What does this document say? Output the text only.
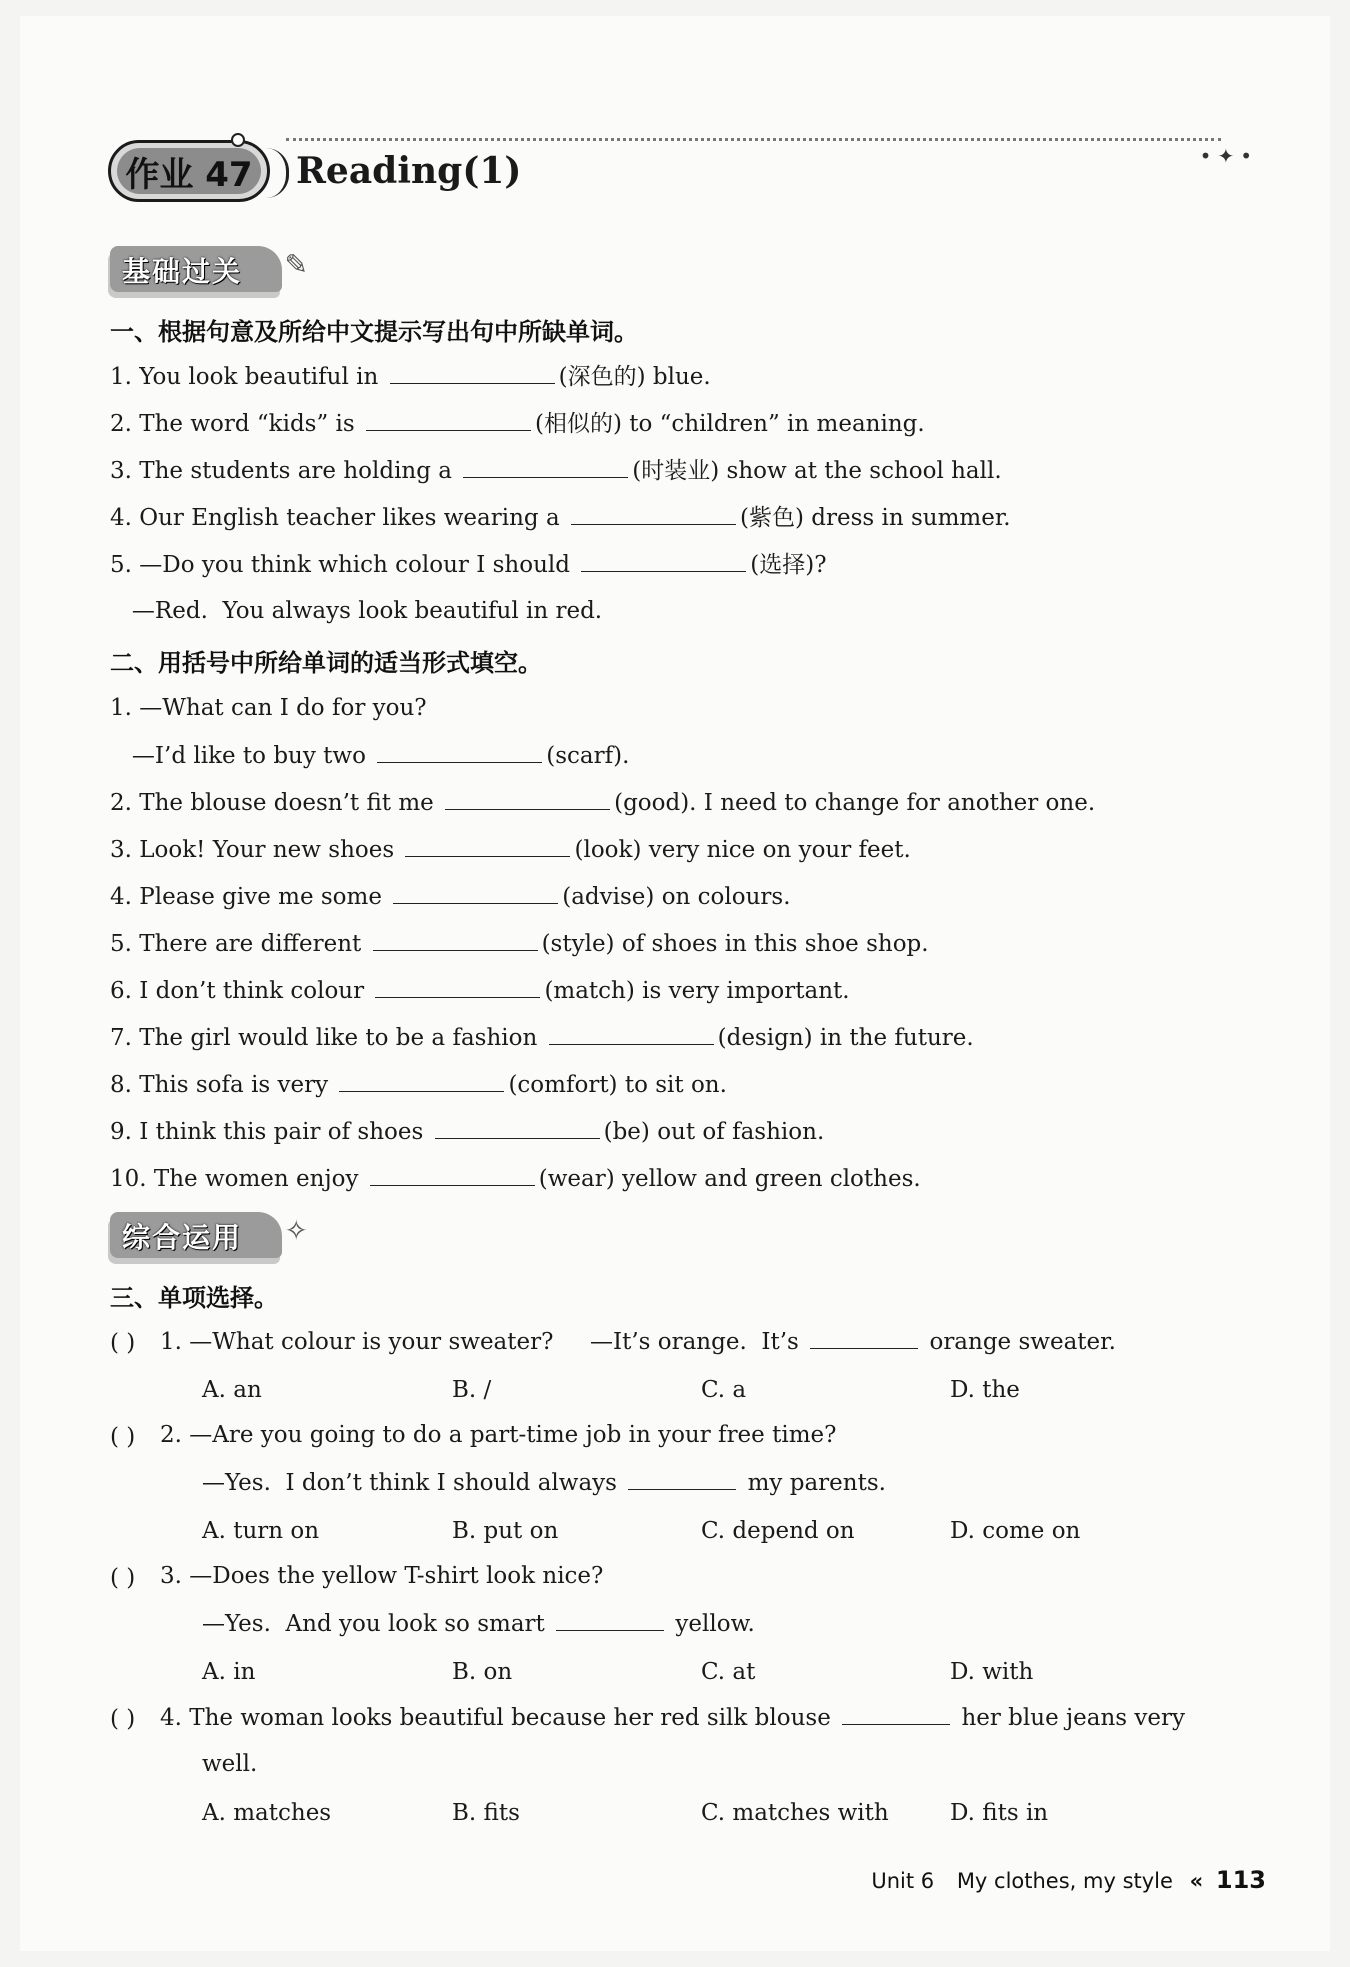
作业 47 Reading(1)	•✦•
基础过关 ✎
一、根据句意及所给中文提示写出句中所缺单词。
1. You look beautiful in	(深色的) blue.
2. The word “kids” is	(相似的) to “children” in meaning.
3. The students are holding a	(时装业) show at the school hall.
4. Our English teacher likes wearing a	(紫色) dress in summer.
5. —Do you think which colour I should	(选择)?
—Red.  You always look beautiful in red.
二、用括号中所给单词的适当形式填空。
1. —What can I do for you?
—I’d like to buy two	(scarf).
2. The blouse doesn’t fit me	(good). I need to change for another one.
3. Look! Your new shoes	(look) very nice on your feet.
4. Please give me some	(advise) on colours.
5. There are different	(style) of shoes in this shoe shop.
6. I don’t think colour	(match) is very important.
7. The girl would like to be a fashion	(design) in the future.
8. This sofa is very	(comfort) to sit on.
9. I think this pair of shoes	(be) out of fashion.
10. The women enjoy	(wear) yellow and green clothes.
综合运用 ✧
三、单项选择。
( ) 1. —What colour is your sweater?     —It’s orange.  It’s	orange sweater.
A. an	B. /	C. a	D. the
( ) 2. —Are you going to do a part-time job in your free time?
—Yes.  I don’t think I should always	my parents.
A. turn on	B. put on	C. depend on	D. come on
( ) 3. —Does the yellow T-shirt look nice?
—Yes.  And you look so smart	yellow.
A. in	B. on	C. at	D. with
( ) 4. The woman looks beautiful because her red silk blouse	her blue jeans very
well.
A. matches	B. fits	C. matches with	D. fits in
Unit 6 My clothes, my style « 113
